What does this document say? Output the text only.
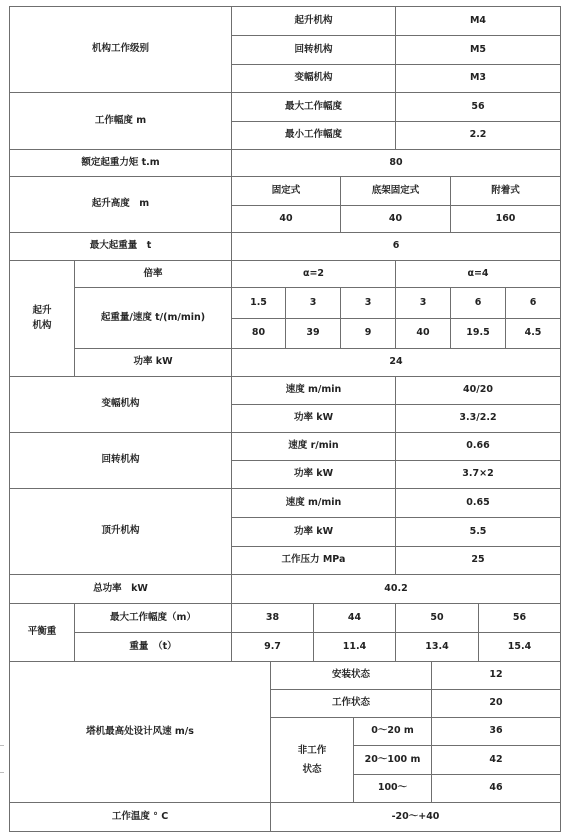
机构工作级别
起升机构	M4
回转机构	M5
变幅机构	M3
工作幅度 m
最大工作幅度	56
最小工作幅度	2.2
额定起重力矩 t.m	80
起升高度　m
固定式	底架固定式	附着式
40	40	160
最大起重量　t	6
起升机构
倍率	α=2	α=4
起重量/速度 t/(m/min)
1.5	3	3	3	6	6
80	39	9	40	19.5	4.5
功率 kW	24
变幅机构
速度 m/min	40/20
功率 kW	3.3/2.2
回转机构
速度 r/min	0.66
功率 kW	3.7×2
顶升机构
速度 m/min	0.65
功率 kW	5.5
工作压力 MPa	25
总功率　kW	40.2
平衡重
最大工作幅度（m）	38	44	50	56
重量　（t）	9.7	11.4	13.4	15.4
塔机最高处设计风速 m/s
安装状态	12
工作状态	20
非工作状态
0～20 m	36
20～100 m	42
100～	46
工作温度 ° C	-20～+40
